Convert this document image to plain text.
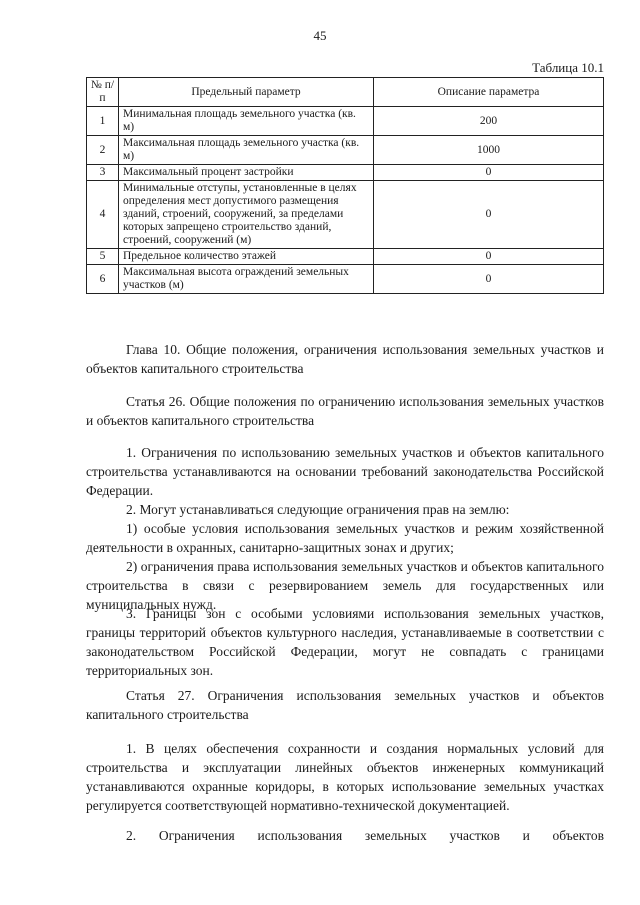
45
Таблица 10.1
№ п/п	Предельный параметр	Описание параметра
1	Минимальная площадь земельного участка (кв. м)	200
2	Максимальная площадь земельного участка (кв. м)	1000
3	Максимальный процент застройки	0
4	Минимальные отступы, установленные в целях определения мест допустимого размещения зданий, строений, сооружений, за пределами которых запрещено строительство зданий, строений, сооружений (м)	0
5	Предельное количество этажей	0
6	Максимальная высота ограждений земельных участков (м)	0
Глава 10. Общие положения, ограничения использования земельных участков и объектов капитального строительства
Статья 26. Общие положения по ограничению использования земельных участков и объектов капитального строительства
1. Ограничения по использованию земельных участков и объектов капитального строительства устанавливаются на основании требований законодательства Российской Федерации.
2. Могут устанавливаться следующие ограничения прав на землю:
1) особые условия использования земельных участков и режим хозяйственной деятельности в охранных, санитарно-защитных зонах и других;
2) ограничения права использования земельных участков и объектов капитального строительства в связи с резервированием земель для государственных или муниципальных нужд.
3. Границы зон с особыми условиями использования земельных участков, границы территорий объектов культурного наследия, устанавливаемые в соответствии с законодательством Российской Федерации, могут не совпадать с границами территориальных зон.
Статья 27. Ограничения использования земельных участков и объектов капитального строительства
1. В целях обеспечения сохранности и создания нормальных условий для строительства и эксплуатации линейных объектов инженерных коммуникаций устанавливаются охранные коридоры, в которых использование земельных участках регулируется соответствующей нормативно-технической документацией.
2. Ограничения использования земельных участков и объектов
